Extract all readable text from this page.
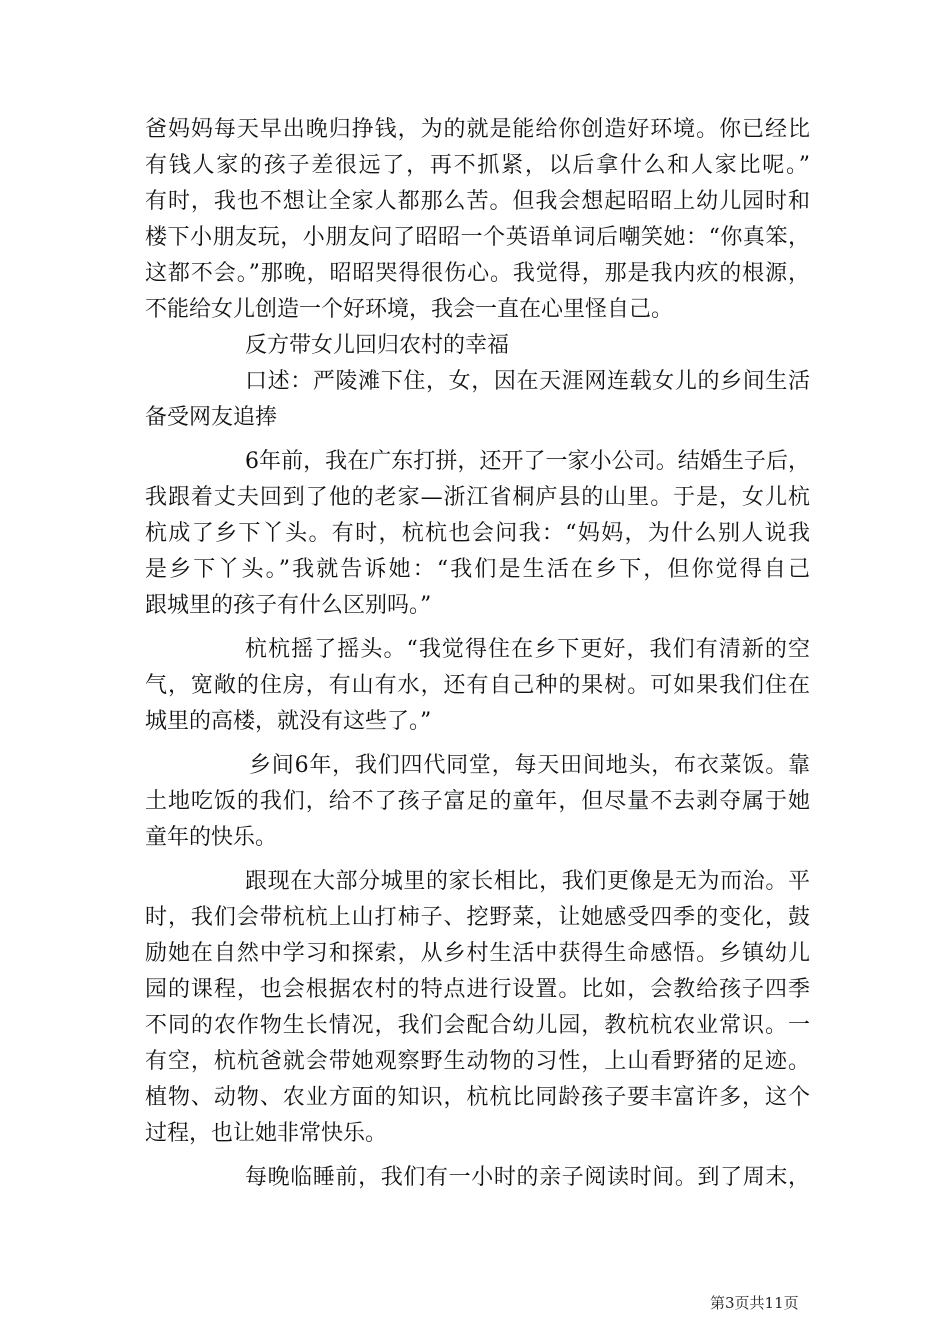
爸妈妈每天早出晚归挣钱，为的就是能给你创造好环境。你已经比
有钱人家的孩子差很远了，再不抓紧，以后拿什么和人家比呢。”
有时，我也不想让全家人都那么苦。但我会想起昭昭上幼儿园时和
楼下小朋友玩，小朋友问了昭昭一个英语单词后嘲笑她：“你真笨，
这都不会。”那晚，昭昭哭得很伤心。我觉得，那是我内疚的根源，
不能给女儿创造一个好环境，我会一直在心里怪自己。
反方带女儿回归农村的幸福
口述：严陵滩下住，女，因在天涯网连载女儿的乡间生活
备受网友追捧
6年前，我在广东打拼，还开了一家小公司。结婚生子后，
我跟着丈夫回到了他的老家—浙江省桐庐县的山里。于是，女儿杭
杭成了乡下丫头。有时，杭杭也会问我：“妈妈，为什么别人说我
是乡下丫头。”我就告诉她：“我们是生活在乡下，但你觉得自己
跟城里的孩子有什么区别吗。”
杭杭摇了摇头。“我觉得住在乡下更好，我们有清新的空
气，宽敞的住房，有山有水，还有自己种的果树。可如果我们住在
城里的高楼，就没有这些了。”
乡间6年，我们四代同堂，每天田间地头，布衣菜饭。靠
土地吃饭的我们，给不了孩子富足的童年，但尽量不去剥夺属于她
童年的快乐。
跟现在大部分城里的家长相比，我们更像是无为而治。平
时，我们会带杭杭上山打柿子、挖野菜，让她感受四季的变化，鼓
励她在自然中学习和探索，从乡村生活中获得生命感悟。乡镇幼儿
园的课程，也会根据农村的特点进行设置。比如，会教给孩子四季
不同的农作物生长情况，我们会配合幼儿园，教杭杭农业常识。一
有空，杭杭爸就会带她观察野生动物的习性，上山看野猪的足迹。
植物、动物、农业方面的知识，杭杭比同龄孩子要丰富许多，这个
过程，也让她非常快乐。
每晚临睡前，我们有一小时的亲子阅读时间。到了周末，
第3页共11页
